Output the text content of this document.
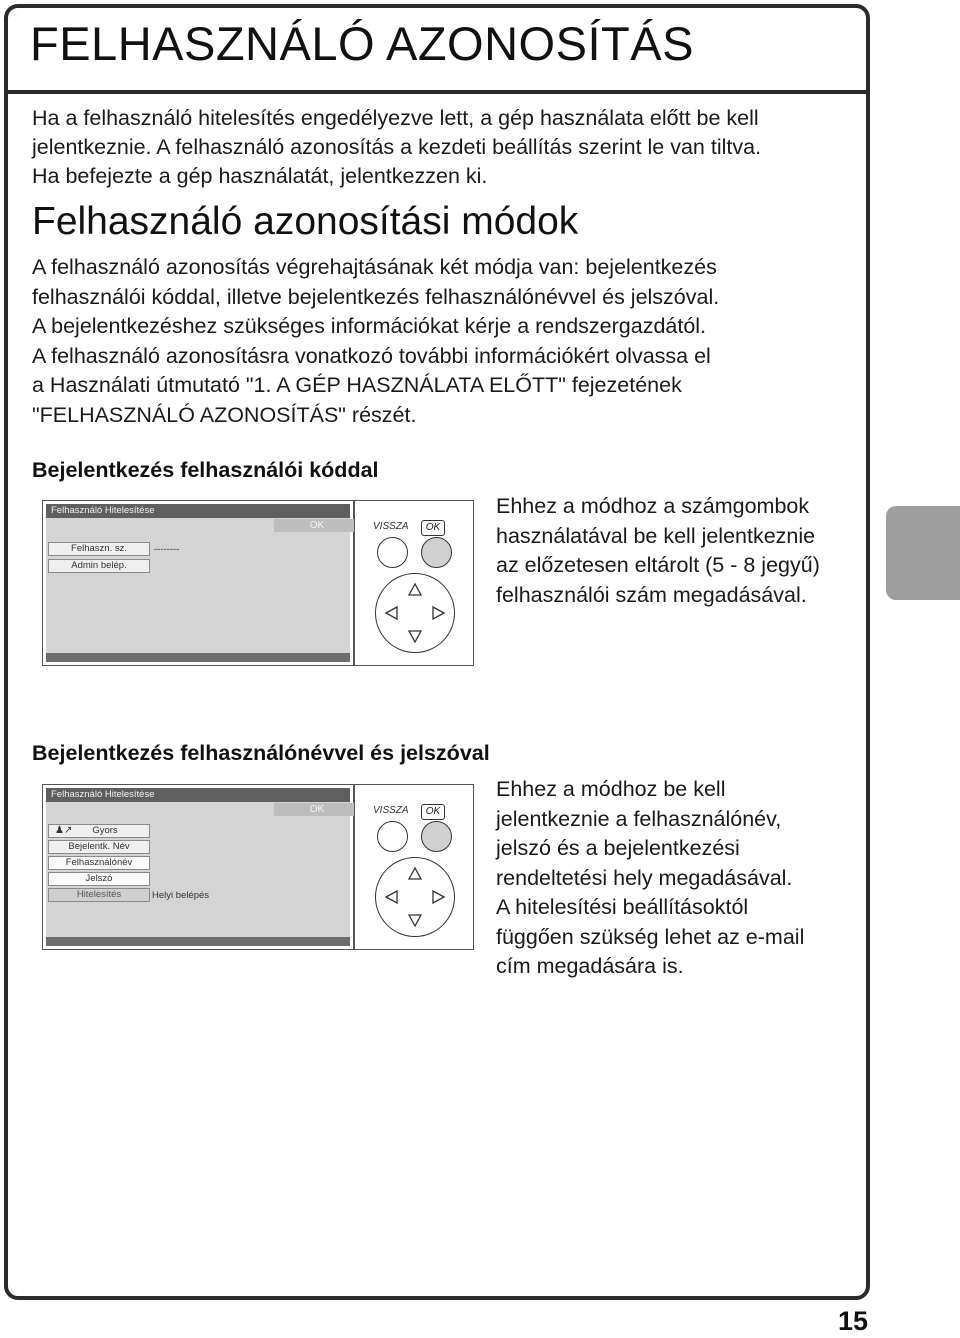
FELHASZNÁLÓ AZONOSÍTÁS

Ha a felhasználó hitelesítés engedélyezve lett, a gép használata előtt be kell
jelentkeznie. A felhasználó azonosítás a kezdeti beállítás szerint le van tiltva.
Ha befejezte a gép használatát, jelentkezzen ki.

Felhasználó azonosítási módok

A felhasználó azonosítás végrehajtásának két módja van: bejelentkezés
felhasználói kóddal, illetve bejelentkezés felhasználónévvel és jelszóval.
A bejelentkezéshez szükséges információkat kérje a rendszergazdától.
A felhasználó azonosításra vonatkozó további információkért olvassa el
a Használati útmutató "1. A GÉP HASZNÁLATA ELŐTT" fejezetének
"FELHASZNÁLÓ AZONOSÍTÁS" részét.

Bejelentkezés felhasználói kóddal
Felhasználó Hitelesítése
OK
Felhaszn. sz.	--------
Admin belép.
VISSZA	OK

Ehhez a módhoz a számgombok
használatával be kell jelentkeznie
az előzetesen eltárolt (5 - 8 jegyű)
felhasználói szám megadásával.

Bejelentkezés felhasználónévvel és jelszóval
Felhasználó Hitelesítése
OK
♟↗ Gyors
Bejelentk. Név
Felhasználónév
Jelszó
Hitelesítés	Helyi belépés
VISSZA	OK

Ehhez a módhoz be kell
jelentkeznie a felhasználónév,
jelszó és a bejelentkezési
rendeltetési hely megadásával.
A hitelesítési beállításoktól
függően szükség lehet az e-mail
cím megadására is.

15
